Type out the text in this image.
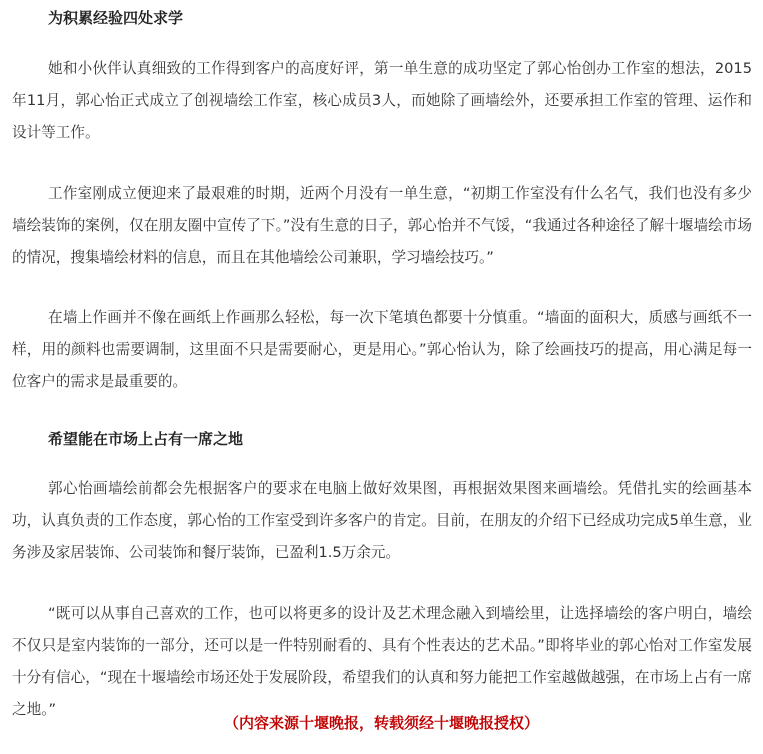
为积累经验四处求学

她和小伙伴认真细致的工作得到客户的高度好评，第一单生意的成功坚定了郭心怡创办工作室的想法，2015年11月，郭心怡正式成立了创视墙绘工作室，核心成员3人，而她除了画墙绘外，还要承担工作室的管理、运作和设计等工作。

工作室刚成立便迎来了最艰难的时期，近两个月没有一单生意，“初期工作室没有什么名气，我们也没有多少墙绘装饰的案例，仅在朋友圈中宣传了下。”没有生意的日子，郭心怡并不气馁，“我通过各种途径了解十堰墙绘市场的情况，搜集墙绘材料的信息，而且在其他墙绘公司兼职，学习墙绘技巧。”

在墙上作画并不像在画纸上作画那么轻松，每一次下笔填色都要十分慎重。“墙面的面积大，质感与画纸不一样，用的颜料也需要调制，这里面不只是需要耐心，更是用心。”郭心怡认为，除了绘画技巧的提高，用心满足每一位客户的需求是最重要的。

希望能在市场上占有一席之地

郭心怡画墙绘前都会先根据客户的要求在电脑上做好效果图，再根据效果图来画墙绘。凭借扎实的绘画基本功，认真负责的工作态度，郭心怡的工作室受到许多客户的肯定。目前，在朋友的介绍下已经成功完成5单生意，业务涉及家居装饰、公司装饰和餐厅装饰，已盈利1.5万余元。

“既可以从事自己喜欢的工作，也可以将更多的设计及艺术理念融入到墙绘里，让选择墙绘的客户明白，墙绘不仅只是室内装饰的一部分，还可以是一件特别耐看的、具有个性表达的艺术品。”即将毕业的郭心怡对工作室发展十分有信心，“现在十堰墙绘市场还处于发展阶段，希望我们的认真和努力能把工作室越做越强，在市场上占有一席之地。”

（内容来源十堰晚报，转载须经十堰晚报授权）
